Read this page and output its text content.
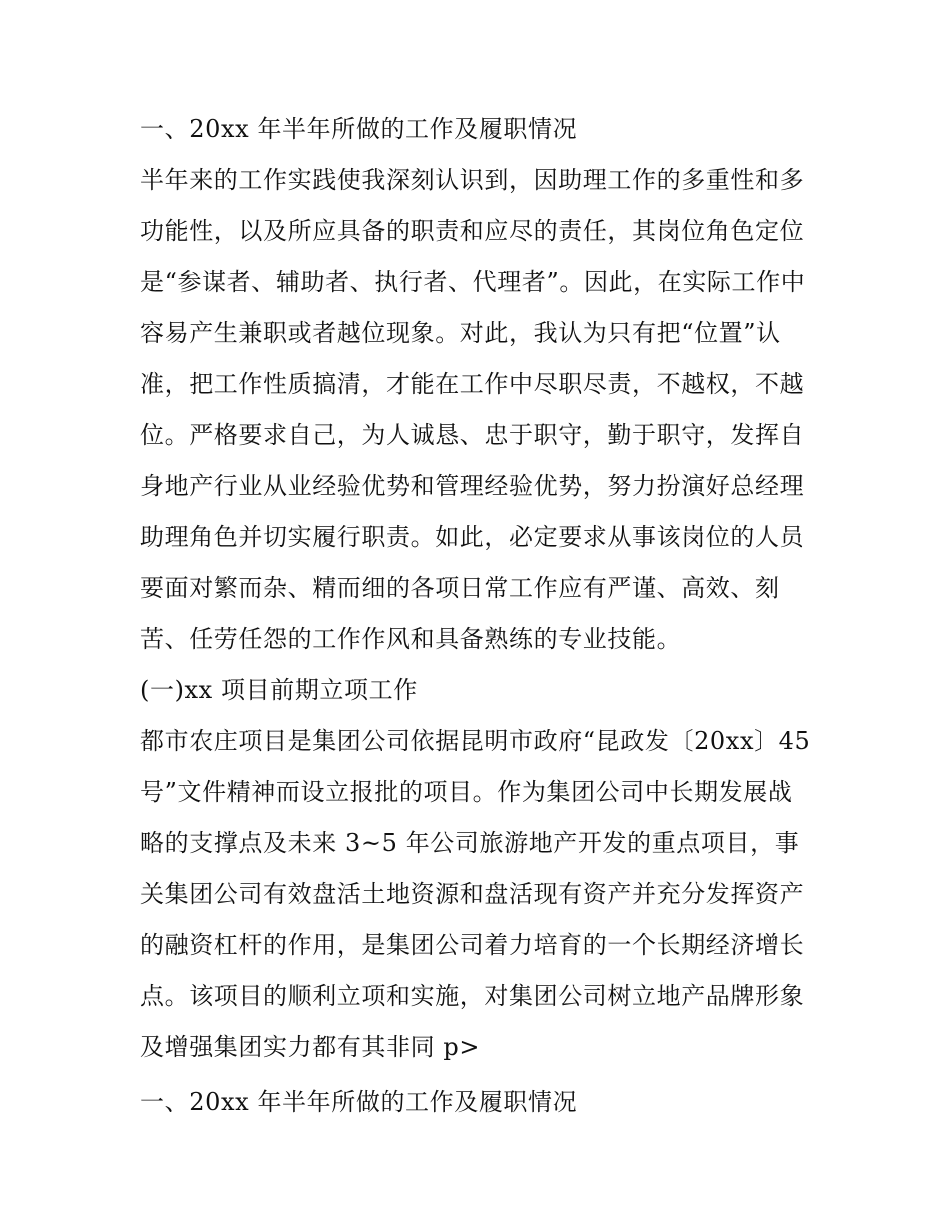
一、20xx 年半年所做的工作及履职情况
半年来的工作实践使我深刻认识到，因助理工作的多重性和多
功能性，以及所应具备的职责和应尽的责任，其岗位角色定位
是“参谋者、辅助者、执行者、代理者”。因此，在实际工作中
容易产生兼职或者越位现象。对此，我认为只有把“位置”认
准，把工作性质搞清，才能在工作中尽职尽责，不越权，不越
位。严格要求自己，为人诚恳、忠于职守，勤于职守，发挥自
身地产行业从业经验优势和管理经验优势，努力扮演好总经理
助理角色并切实履行职责。如此，必定要求从事该岗位的人员
要面对繁而杂、精而细的各项日常工作应有严谨、高效、刻
苦、任劳任怨的工作作风和具备熟练的专业技能。
(一)xx 项目前期立项工作
都市农庄项目是集团公司依据昆明市政府“昆政发〔20xx〕45
号”文件精神而设立报批的项目。作为集团公司中长期发展战
略的支撑点及未来 3~5 年公司旅游地产开发的重点项目，事
关集团公司有效盘活土地资源和盘活现有资产并充分发挥资产
的融资杠杆的作用，是集团公司着力培育的一个长期经济增长
点。该项目的顺利立项和实施，对集团公司树立地产品牌形象
及增强集团实力都有其非同 p>
一、20xx 年半年所做的工作及履职情况
